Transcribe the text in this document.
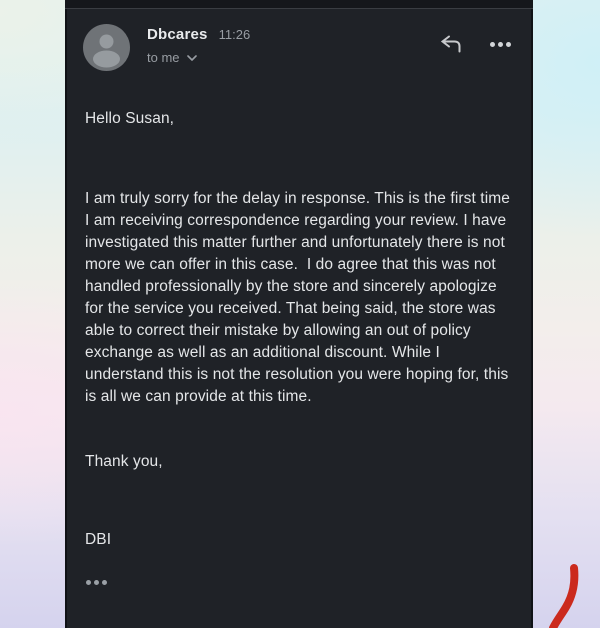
Dbcares 11:26
to me

Hello Susan,

I am truly sorry for the delay in response. This is the first time I am receiving correspondence regarding your review. I have investigated this matter further and unfortunately there is not more we can offer in this case.  I do agree that this was not handled professionally by the store and sincerely apologize for the service you received. That being said, the store was able to correct their mistake by allowing an out of policy exchange as well as an additional discount. While I understand this is not the resolution you were hoping for, this is all we can provide at this time.

Thank you,

DBI
